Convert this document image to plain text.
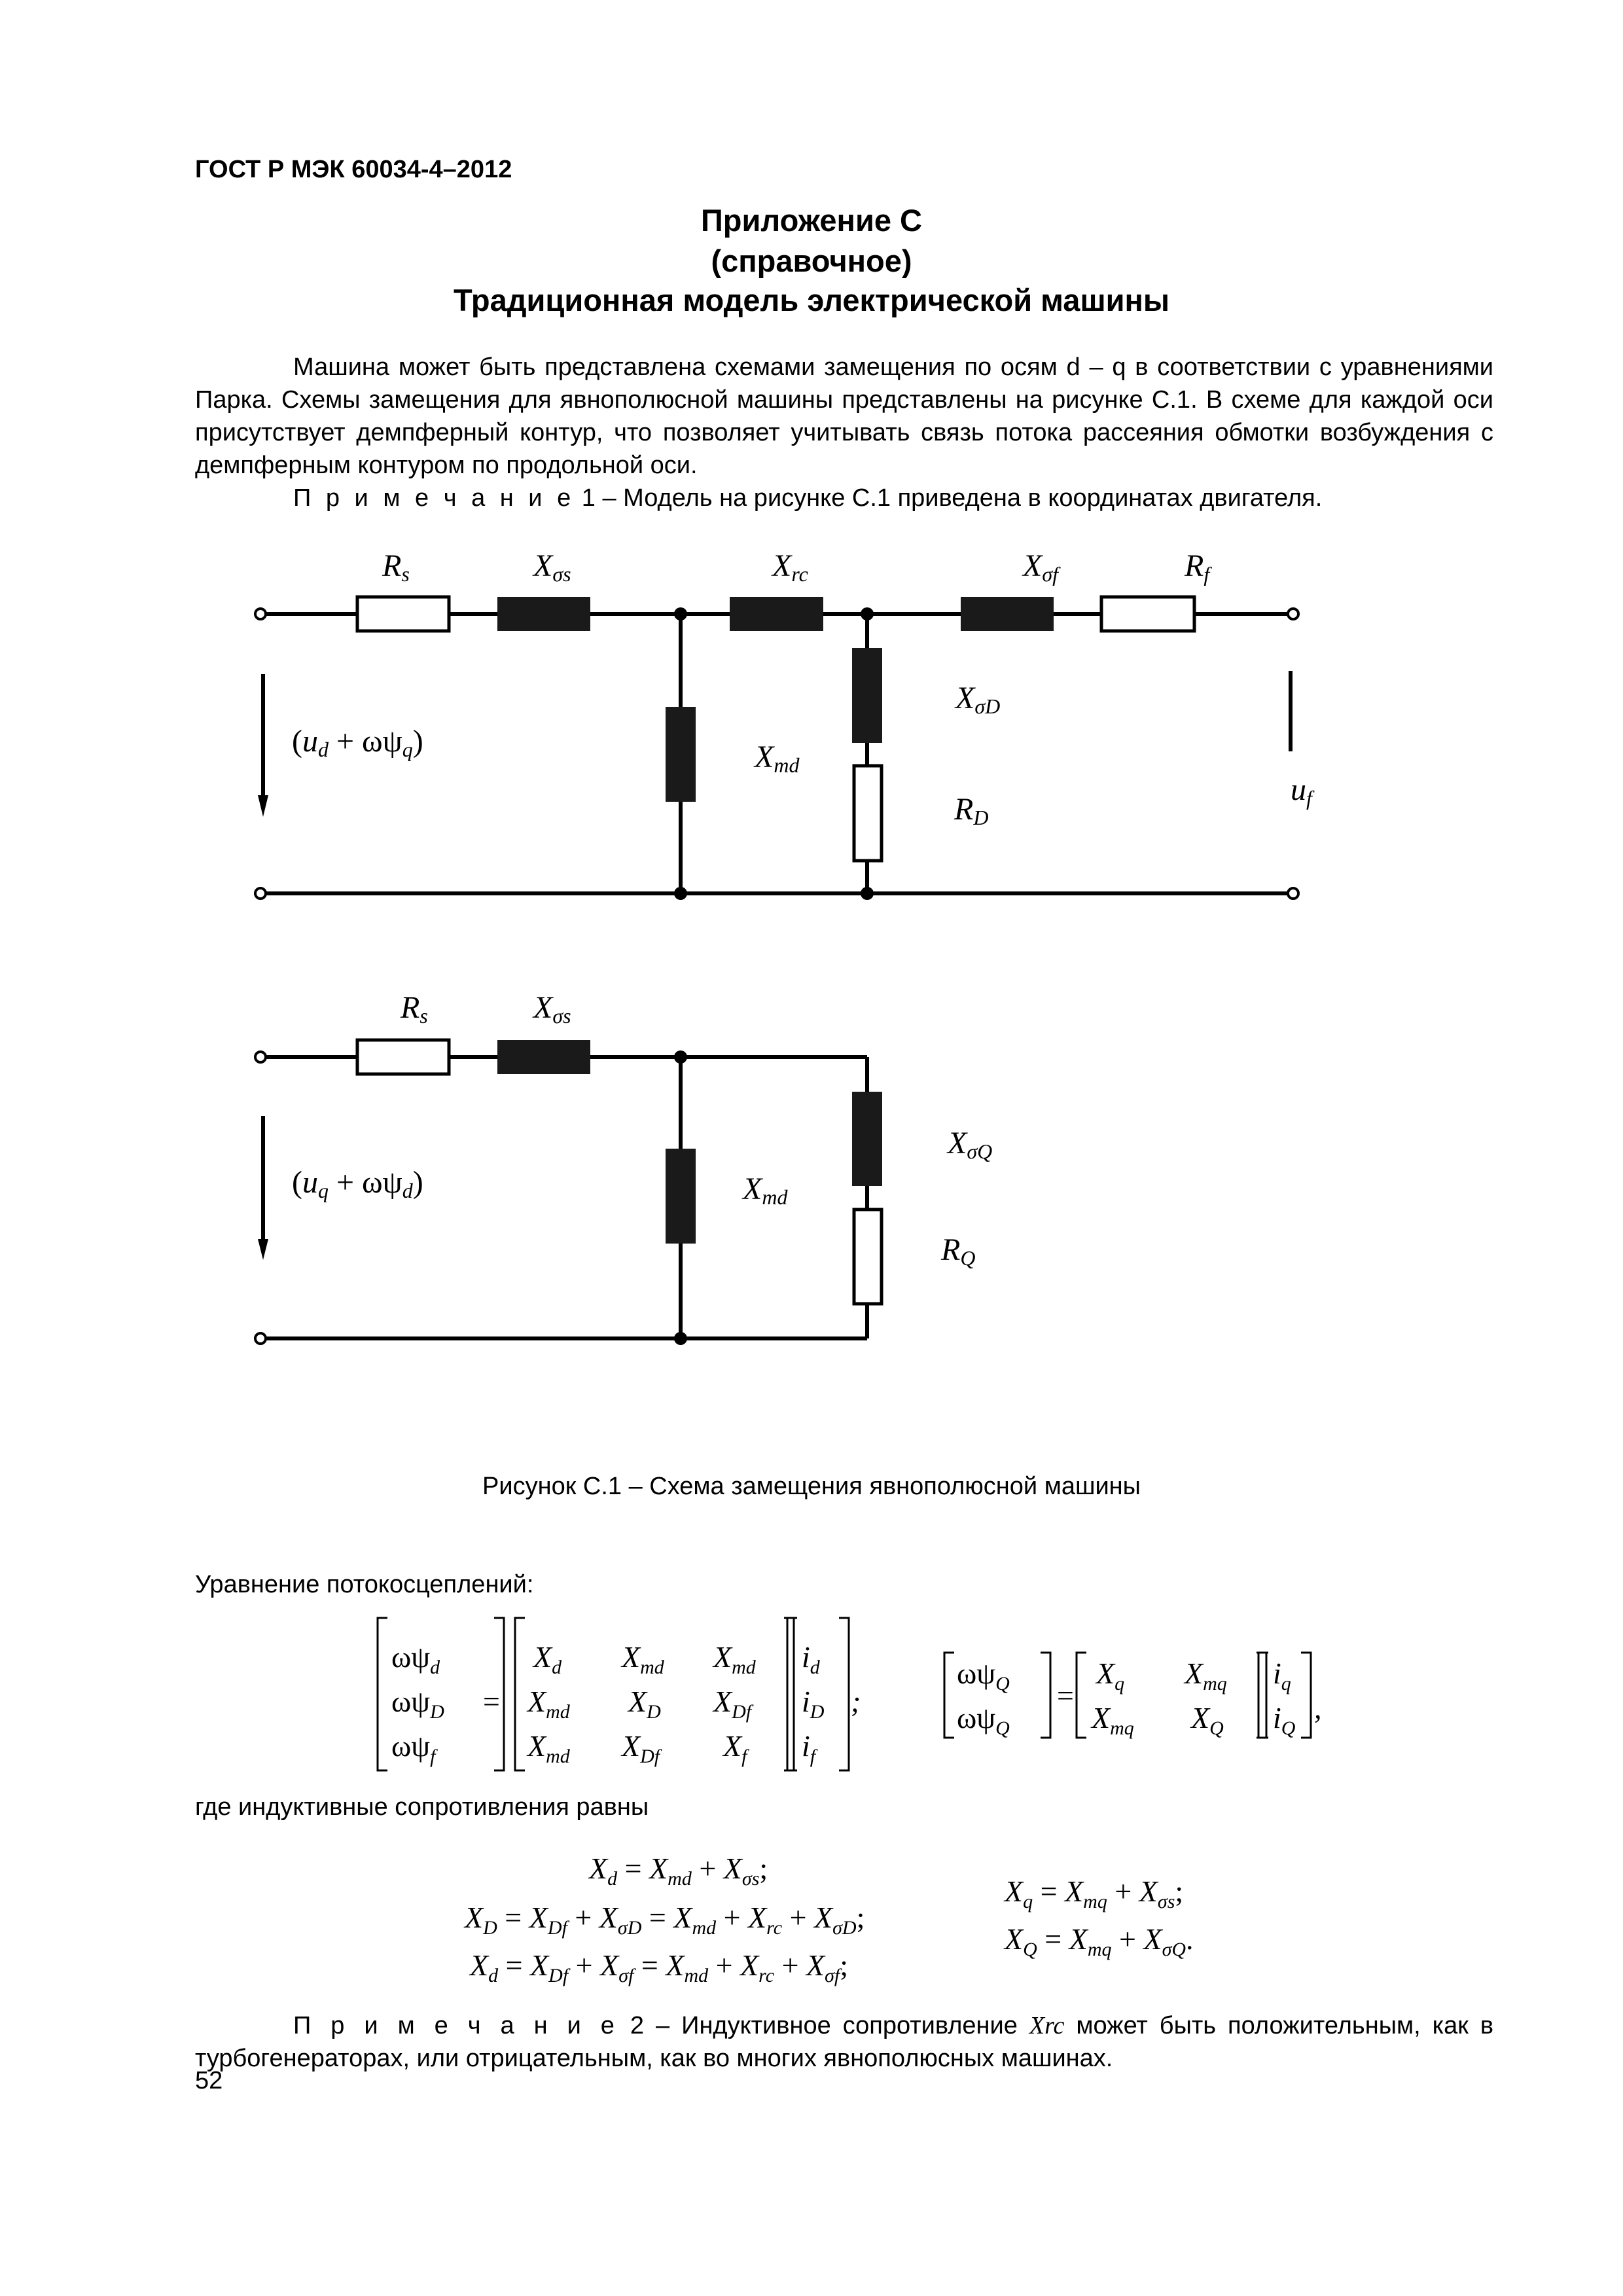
ГОСТ Р МЭК 60034-4–2012
Приложение С
(справочное)
Традиционная модель электрической машины

Машина может быть представлена схемами замещения по осям d – q в соответствии с уравнениями Парка. Схемы замещения для явнополюсной машины представлены на рисунке С.1. В схеме для каждой оси присутствует демпферный контур, что позволяет учитывать связь потока рассеяния обмотки возбуждения с демпферным контуром по продольной оси.

П р и м е ч а н и е 1 – Модель на рисунке С.1 приведена в координатах двигателя.

Rs	Xσs	Xrc	Xσf	Rf
XσD
Xmd
RD
(ud + ωψq)
uf
Rs	Xσs
XσQ
Xmd
RQ
(uq + ωψd)
$\omega\psi_d$
$\omega\psi_D$
$\omega\psi_f$
=
$X_d$ $X_{md}$ $X_{md}$
$X_{md}$ $X_D$ $X_{Df}$
$X_{md}$ $X_{Df}$ $X_f$
$i_d$
$i_D$
$i_f$
;
$\omega\psi_Q$
$\omega\psi_Q$
=
$X_q$ $X_{mq}$
$X_{mq}$ $X_Q$
$i_q$
$i_Q$
,
$X_d = X_{md} + X_{\sigma s}$;
$X_D = X_{Df} + X_{\sigma D} = X_{md} + X_{rc} + X_{\sigma D}$;
$X_d = X_{Df} + X_{\sigma f} = X_{md} + X_{rc} + X_{\sigma f}$;
$X_q = X_{mq} + X_{\sigma s}$;
$X_Q = X_{mq} + X_{\sigma Q}$.
Рисунок С.1 – Схема замещения явнополюсной машины
Уравнение потокосцеплений:
где индуктивные сопротивления равны

П р и м е ч а н и е 2 – Индуктивное сопротивление Xrc может быть положительным, как в турбогенераторах, или отрицательным, как во многих явнополюсных машинах.

52
